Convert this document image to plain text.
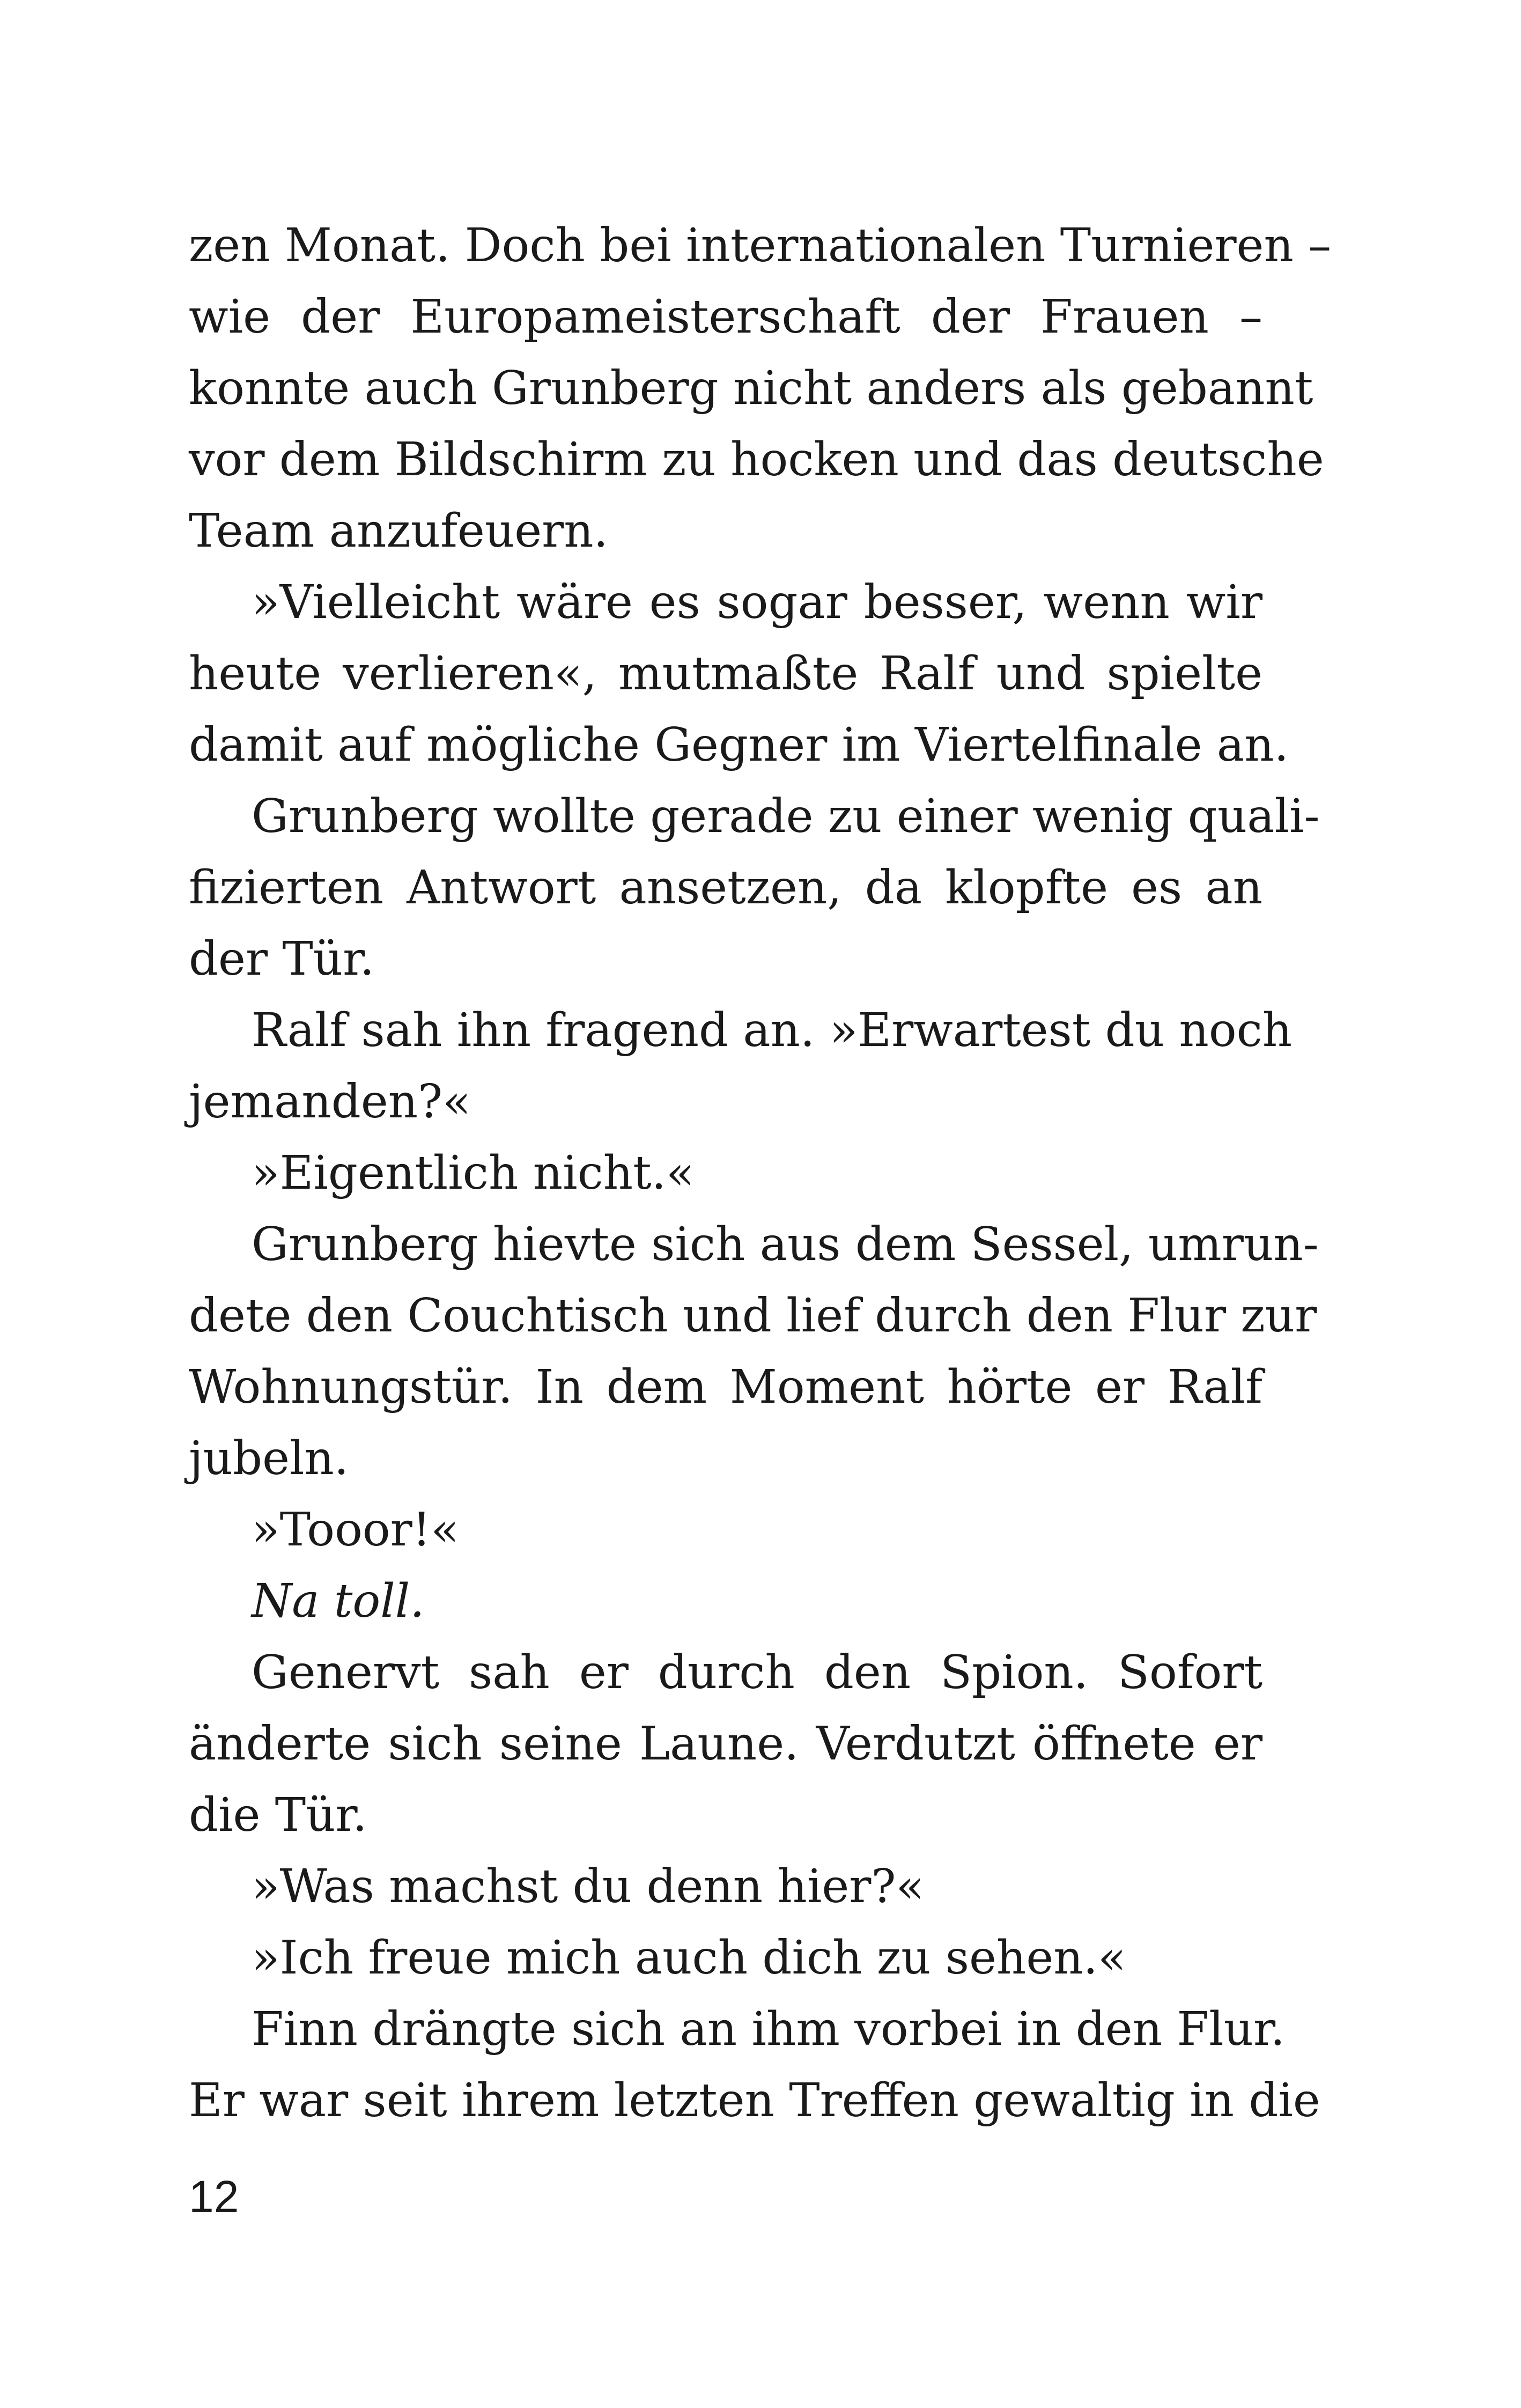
zen Monat. Doch bei internationalen Turnieren –
wie der Europameisterschaft der Frauen –
konnte auch Grunberg nicht anders als gebannt
vor dem Bildschirm zu hocken und das deutsche
Team anzufeuern.
»Vielleicht wäre es sogar besser, wenn wir
heute verlieren«, mutmaßte Ralf und spielte
damit auf mögliche Gegner im Viertelfinale an.
Grunberg wollte gerade zu einer wenig quali-
fizierten Antwort ansetzen, da klopfte es an
der Tür.
Ralf sah ihn fragend an. »Erwartest du noch
jemanden?«
»Eigentlich nicht.«
Grunberg hievte sich aus dem Sessel, umrun-
dete den Couchtisch und lief durch den Flur zur
Wohnungstür. In dem Moment hörte er Ralf
jubeln.
»Tooor!«
Na toll.
Genervt sah er durch den Spion. Sofort
änderte sich seine Laune. Verdutzt öffnete er
die Tür.
»Was machst du denn hier?«
»Ich freue mich auch dich zu sehen.«
Finn drängte sich an ihm vorbei in den Flur.
Er war seit ihrem letzten Treffen gewaltig in die
12
